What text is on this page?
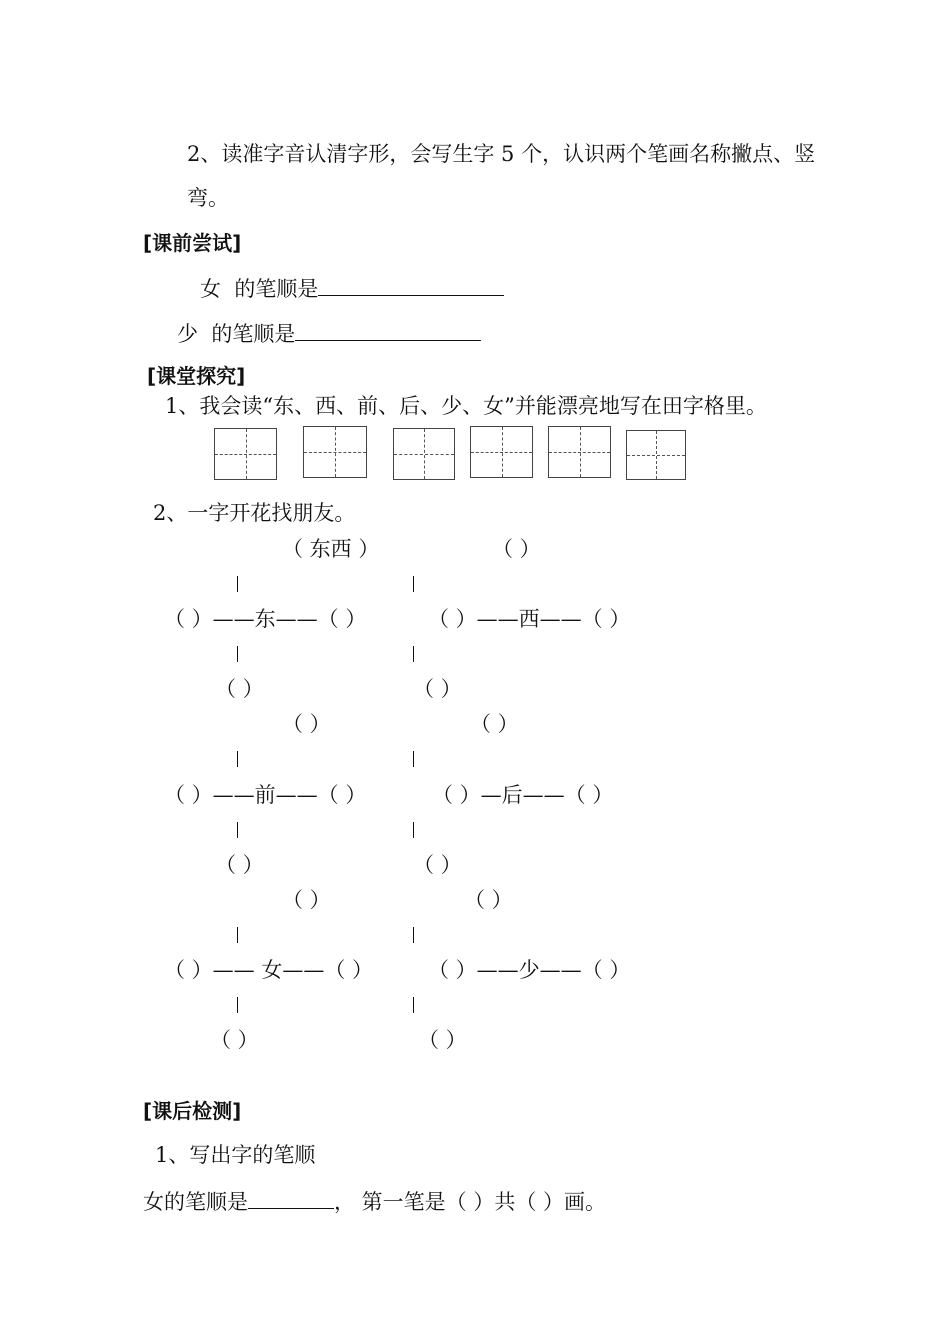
2、读准字音认清字形，会写生字 5 个，认识两个笔画名称撇点、竖
弯。
[课前尝试]
女 的笔顺是
少 的笔顺是
[课堂探究]
1、我会读“东、西、前、后、少、女”并能漂亮地写在田字格里。
2、一字开花找朋友。
（ 东西 ）	（ ）
（ ）——东——（ ）	（ ）——西——（ ）
（ ）	（ ）
（ ）	（ ）
（ ）——前——（ ）	（ ）—后——（ ）
（ ）	（ ）
（ ）	（ ）
（ ）—— 女——（ ）	（ ）——少——（ ）
（ ）	（ ）
[课后检测]
1、写出字的笔顺
女的笔顺是	， 第一笔是（ ）共（ ）画。
